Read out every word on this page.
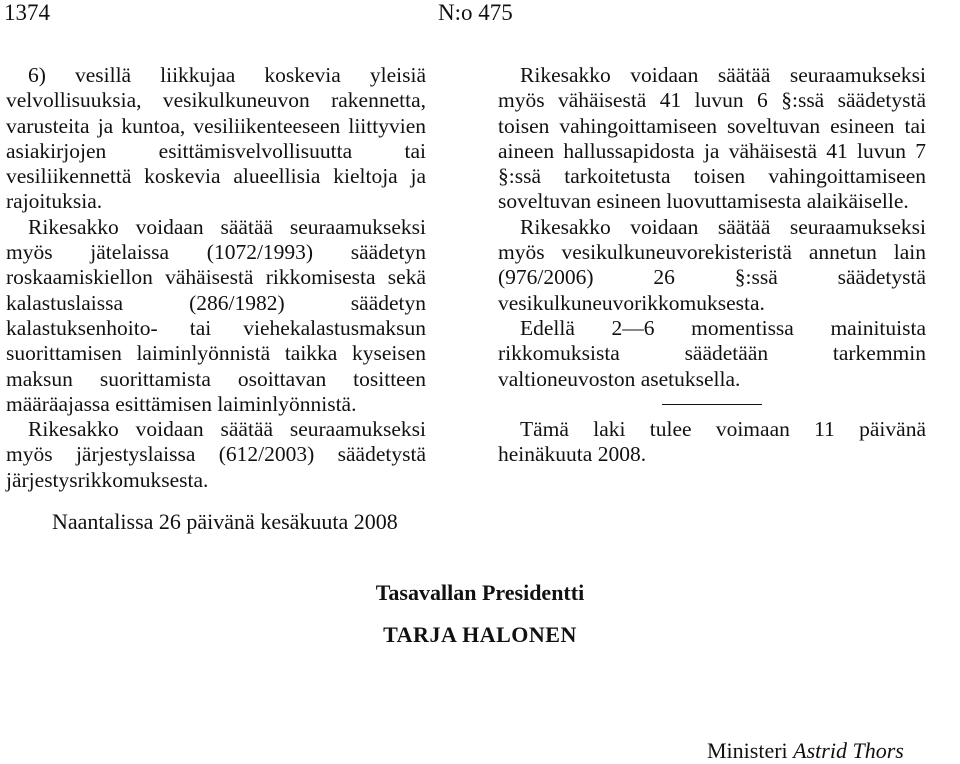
1374	N:o 475

6) vesillä liikkujaa koskevia yleisiä velvollisuuksia, vesikulkuneuvon rakennetta, varusteita ja kuntoa, vesiliikenteeseen liittyvien asiakirjojen esittämisvelvollisuutta tai vesiliikennettä koskevia alueellisia kieltoja ja rajoituksia.

Rikesakko voidaan säätää seuraamukseksi myös jätelaissa (1072/1993) säädetyn roskaamiskiellon vähäisestä rikkomisesta sekä kalastuslaissa (286/1982) säädetyn kalastuksenhoito- tai viehekalastusmaksun suorittamisen laiminlyönnistä taikka kyseisen maksun suorittamista osoittavan tositteen määräajassa esittämisen laiminlyönnistä.

Rikesakko voidaan säätää seuraamukseksi myös järjestyslaissa (612/2003) säädetystä järjestysrikkomuksesta.

Rikesakko voidaan säätää seuraamukseksi myös vähäisestä 41 luvun 6 §:ssä säädetystä toisen vahingoittamiseen soveltuvan esineen tai aineen hallussapidosta ja vähäisestä 41 luvun 7 §:ssä tarkoitetusta toisen vahingoittamiseen soveltuvan esineen luovuttamisesta alaikäiselle.

Rikesakko voidaan säätää seuraamukseksi myös vesikulkuneuvorekisteristä annetun lain (976/2006) 26 §:ssä säädetystä vesikulkuneuvorikkomuksesta.

Edellä 2—6 momentissa mainituista rikkomuksista säädetään tarkemmin valtioneuvoston asetuksella.

Tämä laki tulee voimaan 11 päivänä heinäkuuta 2008.

Naantalissa 26 päivänä kesäkuuta 2008
Tasavallan Presidentti
TARJA HALONEN
Ministeri Astrid Thors
